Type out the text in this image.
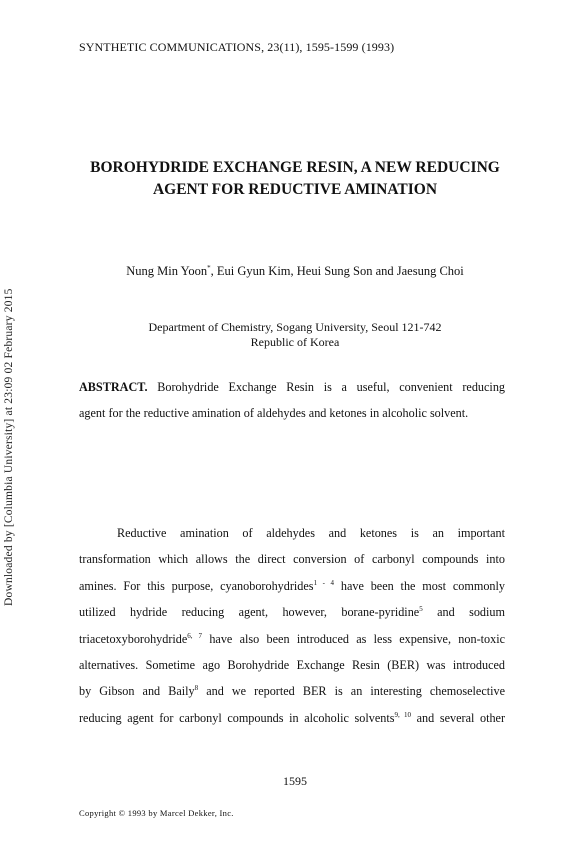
SYNTHETIC COMMUNICATIONS, 23(11), 1595-1599 (1993)
BOROHYDRIDE EXCHANGE RESIN, A NEW REDUCING
AGENT FOR REDUCTIVE AMINATION
Nung Min Yoon*, Eui Gyun Kim, Heui Sung Son and Jaesung Choi
Department of Chemistry, Sogang University, Seoul 121-742
Republic of Korea
ABSTRACT. Borohydride Exchange Resin is a useful, convenient reducing
agent for the reductive amination of aldehydes and ketones in alcoholic solvent.
Reductive amination of aldehydes and ketones is an important
transformation which allows the direct conversion of carbonyl compounds into
amines. For this purpose, cyanoborohydrides$^{1 - 4}$ have been the most commonly
utilized hydride reducing agent, however, borane-pyridine$^5$ and sodium
triacetoxyborohydride$^{6, 7}$ have also been introduced as less expensive, non-toxic
alternatives. Sometime ago Borohydride Exchange Resin (BER) was introduced
by Gibson and Baily$^8$ and we reported BER is an interesting chemoselective
reducing agent for carbonyl compounds in alcoholic solvents$^{9, 10}$ and several other
1595
Copyright © 1993 by Marcel Dekker, Inc.
Downloaded by [Columbia University] at 23:09 02 February 2015
